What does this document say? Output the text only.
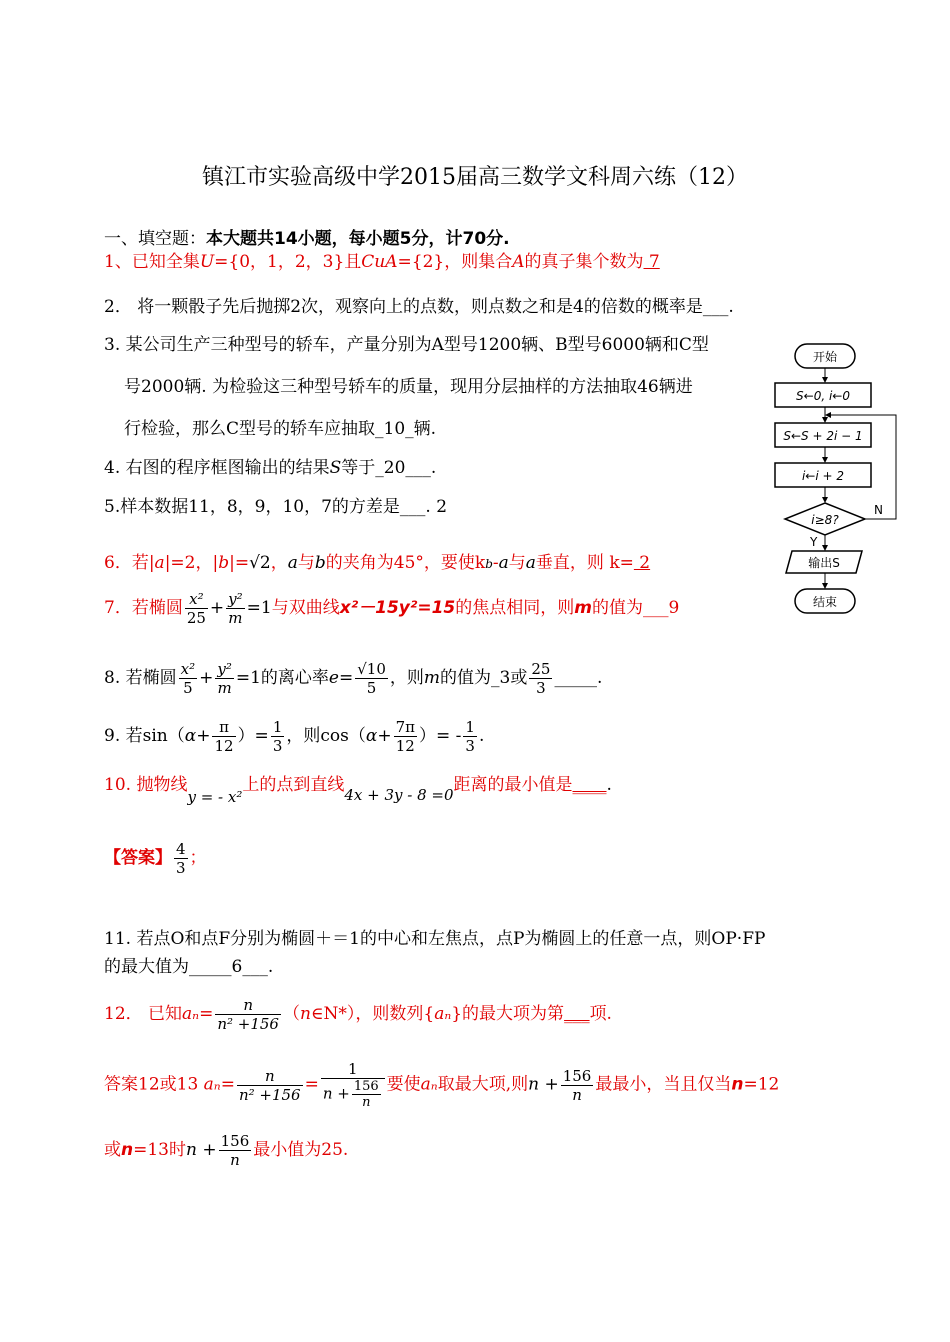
镇江市实验高级中学2015届高三数学文科周六练（12）
一、填空题：本大题共14小题，每小题5分，计70分.
1、已知全集U={0，1，2，3}且CuA={2}，则集合A的真子集个数为 7
2． 将一颗骰子先后抛掷2次，观察向上的点数，则点数之和是4的倍数的概率是___.
3. 某公司生产三种型号的轿车，产量分别为A型号1200辆、B型号6000辆和C型
号2000辆. 为检验这三种型号轿车的质量，现用分层抽样的方法抽取46辆进
行检验，那么C型号的轿车应抽取_10_辆.
4. 右图的程序框图输出的结果S等于_20___.
5.样本数据11，8，9，10，7的方差是___. 2
6．若|a|=2，|b|=√2，a与b的夹角为45°，要使kb-a与a垂直，则 k= 2
7．若椭圆 $\frac{\text{x²}}{25} + \frac{\text{y²}}{m} =1$与双曲线x²－15y²=15的焦点相同，则m的值为___9
8. 若椭圆 $\frac{\text{x²}}{5} + \frac{\text{y²}}{m} =1$的离心率$e= \frac{√10}{5}$ ，则m的值为_3或 $\frac{25}{3}$ _____.
9. 若$\sin(\alpha+ \frac{\pi}{12}$ ）= $\frac{1}{3}$ ，则$\cos(\alpha+ \frac{7\pi}{12}$ ）= - $\frac{1}{3}$ .
10. 抛物线y = - x²上的点到直线4x + 3y - 8 =0距离的最小值是____.
【答案】 $\frac{4}{3}$ ；
11. 若点O和点F分别为椭圆＋＝1的中心和左焦点，点P为椭圆上的任意一点，则OP·FP
的最大值为_____6___.
12． 已知$a_n= \frac{n}{\text{n² +156}}$ （n∈N*），则数列{aₙ}的最大项为第___项.
答案12或13 $a_n= \frac{n}{\text{n² +156}} = \frac{1}{n + \frac{156}{n}}$ 要使aₙ取最大项,则$n + \frac{156}{n}$ 最最小，当且仅当n=12
或n=13时$n + \frac{156}{n}$ 最小值为25.
开始
S←0, i←0
S←S + 2i − 1
i←i + 2
i≥8?
N
Y
输出S
结束
